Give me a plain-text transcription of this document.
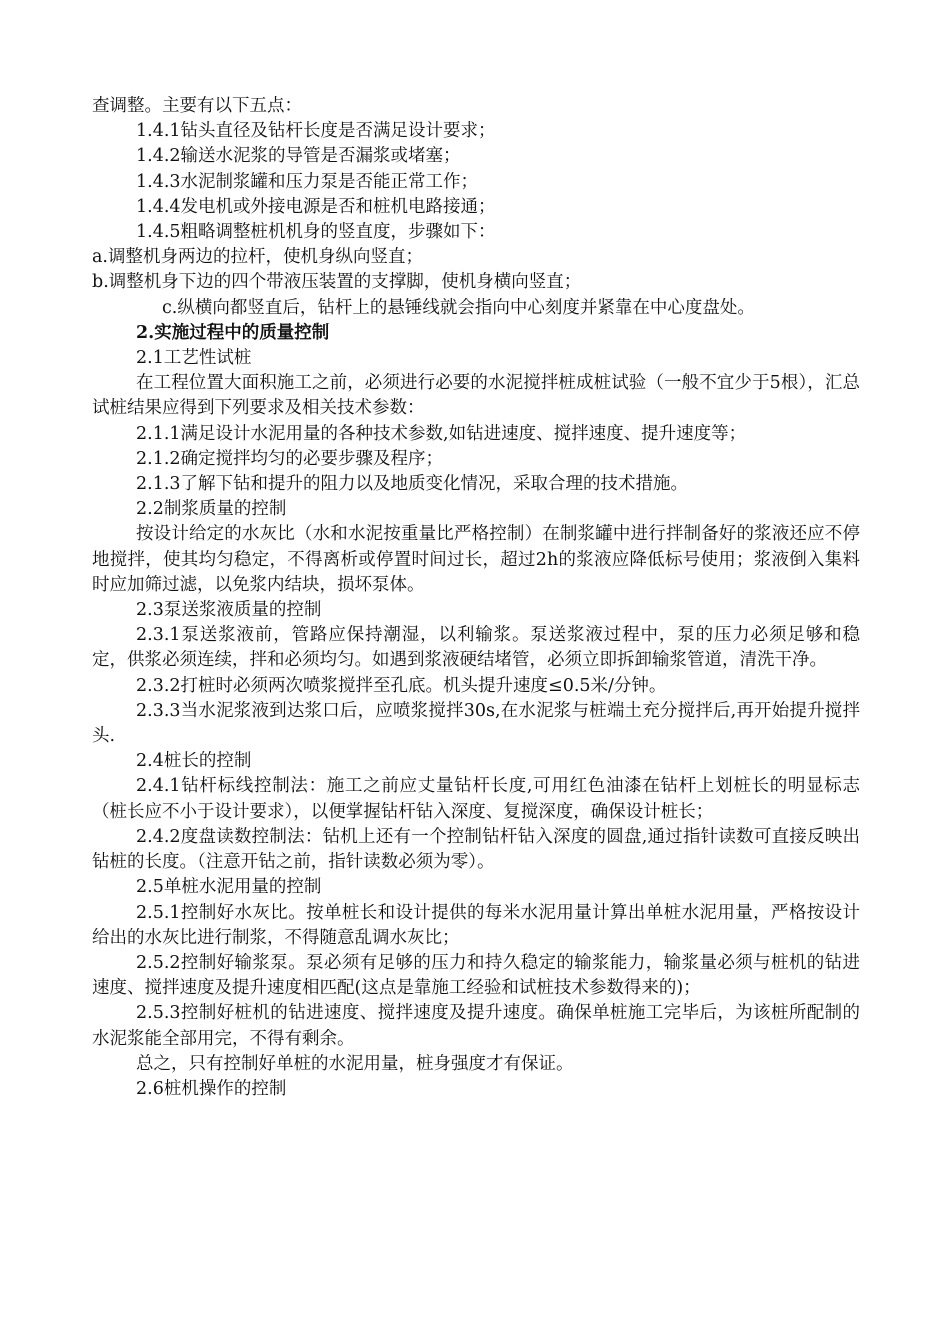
查调整。主要有以下五点：

1.4.1钻头直径及钻杆长度是否满足设计要求；

1.4.2输送水泥浆的导管是否漏浆或堵塞；

1.4.3水泥制浆罐和压力泵是否能正常工作；

1.4.4发电机或外接电源是否和桩机电路接通；

1.4.5粗略调整桩机机身的竖直度，步骤如下：

a.调整机身两边的拉杆，使机身纵向竖直；

b.调整机身下边的四个带液压装置的支撑脚，使机身横向竖直；

c.纵横向都竖直后，钻杆上的悬锤线就会指向中心刻度并紧靠在中心度盘处。

2.实施过程中的质量控制

2.1工艺性试桩

在工程位置大面积施工之前，必须进行必要的水泥搅拌桩成桩试验（一般不宜少于5根），汇总试桩结果应得到下列要求及相关技术参数：

2.1.1满足设计水泥用量的各种技术参数,如钻进速度、搅拌速度、提升速度等；

2.1.2确定搅拌均匀的必要步骤及程序；

2.1.3了解下钻和提升的阻力以及地质变化情况，采取合理的技术措施。

2.2制浆质量的控制

按设计给定的水灰比（水和水泥按重量比严格控制）在制浆罐中进行拌制备好的浆液还应不停地搅拌，使其均匀稳定，不得离析或停置时间过长，超过2h的浆液应降低标号使用；浆液倒入集料时应加筛过滤，以免浆内结块，损坏泵体。

2.3泵送浆液质量的控制

2.3.1泵送浆液前，管路应保持潮湿，以利输浆。泵送浆液过程中，泵的压力必须足够和稳定，供浆必须连续，拌和必须均匀。如遇到浆液硬结堵管，必须立即拆卸输浆管道，清洗干净。

2.3.2打桩时必须两次喷浆搅拌至孔底。机头提升速度≤0.5米/分钟。

2.3.3当水泥浆液到达浆口后，应喷浆搅拌30s,在水泥浆与桩端土充分搅拌后,再开始提升搅拌头.

2.4桩长的控制

2.4.1钻杆标线控制法：施工之前应丈量钻杆长度,可用红色油漆在钻杆上划桩长的明显标志（桩长应不小于设计要求），以便掌握钻杆钻入深度、复搅深度，确保设计桩长；

2.4.2度盘读数控制法：钻机上还有一个控制钻杆钻入深度的圆盘,通过指针读数可直接反映出钻桩的长度。（注意开钻之前，指针读数必须为零）。

2.5单桩水泥用量的控制

2.5.1控制好水灰比。按单桩长和设计提供的每米水泥用量计算出单桩水泥用量，严格按设计给出的水灰比进行制浆，不得随意乱调水灰比；

2.5.2控制好输浆泵。泵必须有足够的压力和持久稳定的输浆能力，输浆量必须与桩机的钻进速度、搅拌速度及提升速度相匹配(这点是靠施工经验和试桩技术参数得来的)；

2.5.3控制好桩机的钻进速度、搅拌速度及提升速度。确保单桩施工完毕后，为该桩所配制的水泥浆能全部用完，不得有剩余。

总之，只有控制好单桩的水泥用量，桩身强度才有保证。

2.6桩机操作的控制
